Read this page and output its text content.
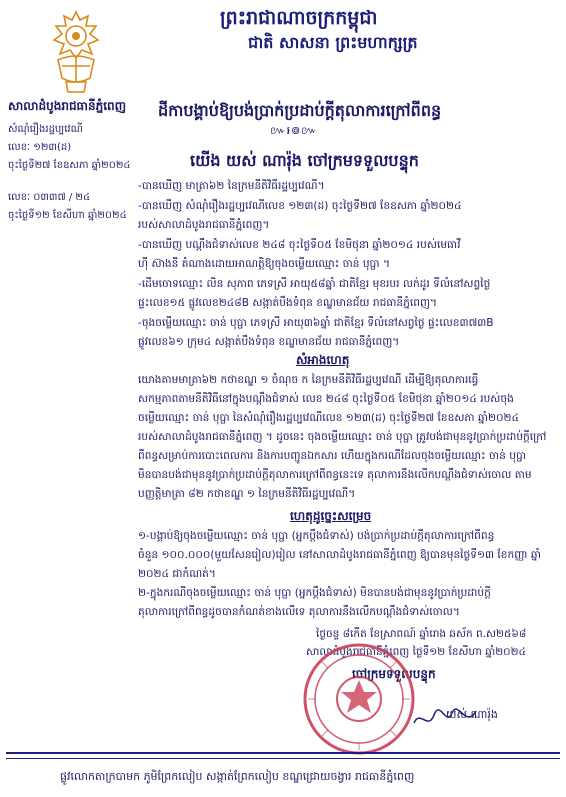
ព្រះរាជាណាចក្រកម្ពុជា
ជាតិ សាសនា ព្រះមហាក្សត្រ
សាលាដំបូងរាជធានីភ្នំពេញ
សំណុំរឿងរដ្ឋប្បវេណី
លេខៈ ១២៣(ដ)
ចុះថ្ងៃទី២៧ ខែឧសភា ឆ្នាំ២០២៤
លេខៈ ០៣៣៧ / ២៤
ចុះថ្ងៃទី១២ ខែសីហា ឆ្នាំ២០២៤
ដីកាបង្គាប់ឱ្យបង់ប្រាក់ប្រដាប់ក្តីតុលាការក្រៅពីពន្ធ
៚៛៙៚
យើង យស់ ណារ៉ុង ចៅក្រមទទួលបន្ទុក
-បានឃើញ មាត្រា៦២ នៃក្រមនីតិវិធីរដ្ឋប្បវេណី។
-បានឃើញ សំណុំរឿងរដ្ឋប្បវេណីលេខ ១២៣(ដ) ចុះថ្ងៃទី២៧ ខែឧសភា ឆ្នាំ២០២៤
របស់សាលាដំបូងរាជធានីភ្នំពេញ។
-បានឃើញ បណ្តឹងជំទាស់លេខ ២៤៨ ចុះថ្ងៃទី០៥ ខែមិថុនា ឆ្នាំ២០១៤ របស់មេធាវី
ហ៊ី ស៊ាងនី តំណាងដោយអាណត្តិឱ្យចុងចម្លើយឈ្មោះ ចាន់ បុប្ផា ។
-ដើមចោទឈ្មោះ លិន សុភាព ភេទស្រី អាយុ៥៨ឆ្នាំ ជាតិខ្មែរ មុខរបរ លក់ដូរ ទីលំនៅសព្វថ្ងៃ
ផ្ទះលេខ១៥ ផ្លូវលេខ២៤៨B សង្កាត់បឹងទំពុន ខណ្ឌមានជ័យ រាជធានីភ្នំពេញ។
-ចុងចម្លើយឈ្មោះ ចាន់ បុប្ផា ភេទស្រី អាយុ៣៦ឆ្នាំ ជាតិខ្មែរ ទីលំនៅសព្វថ្ងៃ ផ្ទះលេខ៣៧៣B
ផ្លូវលេខ៦១ ក្រុម៤ សង្កាត់បឹងទំពុន ខណ្ឌមានជ័យ រាជធានីភ្នំពេញ។
សំអាងហេតុ
យោងតាមមាត្រា៦២ កថាខណ្ឌ ១ ចំណុច ក នៃក្រមនីតិវិធីរដ្ឋប្បវេណី ដើម្បីឱ្យតុលាការធ្វើ
សកម្មភាពតាមនីតិវិធីនៅក្នុងបណ្តឹងជំទាស់ លេខ ២៤៨ ចុះថ្ងៃទី០៥ ខែមិថុនា ឆ្នាំ២០១៤ របស់ចុង
ចម្លើយឈ្មោះ ចាន់ បុប្ផា នៃសំណុំរឿងរដ្ឋប្បវេណីលេខ ១២៣(ដ) ចុះថ្ងៃទី២៧ ខែឧសភា ឆ្នាំ២០២៤
របស់សាលាដំបូងរាជធានីភ្នំពេញ ។ ដូចនេះ ចុងចម្លើយឈ្មោះ ចាន់ បុប្ផា ត្រូវបង់ជាមុននូវប្រាក់ប្រដាប់ក្តីក្រៅ
ពីពន្ធសម្រាប់ការបោះពេលការ និងការបញ្ជូនឯកសារ ហើយក្នុងករណីដែលចុងចម្លើយឈ្មោះ ចាន់ បុប្ផា
មិនបានបង់ជាមុននូវប្រាក់ប្រដាប់ក្តីតុលាការក្រៅពីពន្ធនេះទេ តុលាការនឹងលើកបណ្តឹងជំទាស់ចោល តាម
បញ្ញត្តិមាត្រា ៨២ កថាខណ្ឌ ១ នៃក្រមនីតិវិធីរដ្ឋប្បវេណី។
ហេតុដូច្នេះសម្រេច
១-បង្គាប់ឱ្យចុងចម្លើយឈ្មោះ ចាន់ បុប្ផា (អ្នកប្តឹងជំទាស់) បង់ប្រាក់ប្រដាប់ក្តីតុលាការក្រៅពីពន្ធ
ចំនួន ១០០.០០០(មួយសែនរៀល)រៀល នៅសាលាដំបូងរាជធានីភ្នំពេញ ឱ្យបានមុនថ្ងៃទី១៣ ខែកញ្ញា ឆ្នាំ
២០២៤ ជាកំណត់។
២-ក្នុងករណីចុងចម្លើយឈ្មោះ ចាន់ បុប្ផា (អ្នកប្តឹងជំទាស់) មិនបានបង់ជាមុននូវប្រាក់ប្រដាប់ក្តី
តុលាការក្រៅពីពន្ធដូចបានកំណត់ខាងលើទេ តុលាការនឹងលើកបណ្តឹងជំទាស់ចោល។
ថ្ងៃចន្ទ ៨កើត ខែស្រាពណ៍ ឆ្នាំរោង ឆស័ក ព.ស២៥៦៨
សាលាដំបូងរាជធានីភ្នំពេញ ថ្ងៃទី១២ ខែសីហា ឆ្នាំ២០២៤
ចៅក្រមទទួលបន្ទុក
យស់ ណារ៉ុង
ផ្លូវលោកតាក្របាមក ភូមិព្រែកលៀប សង្កាត់ព្រែកលៀប ខណ្ឌជ្រោយចង្វារ រាជធានីភ្នំពេញ
